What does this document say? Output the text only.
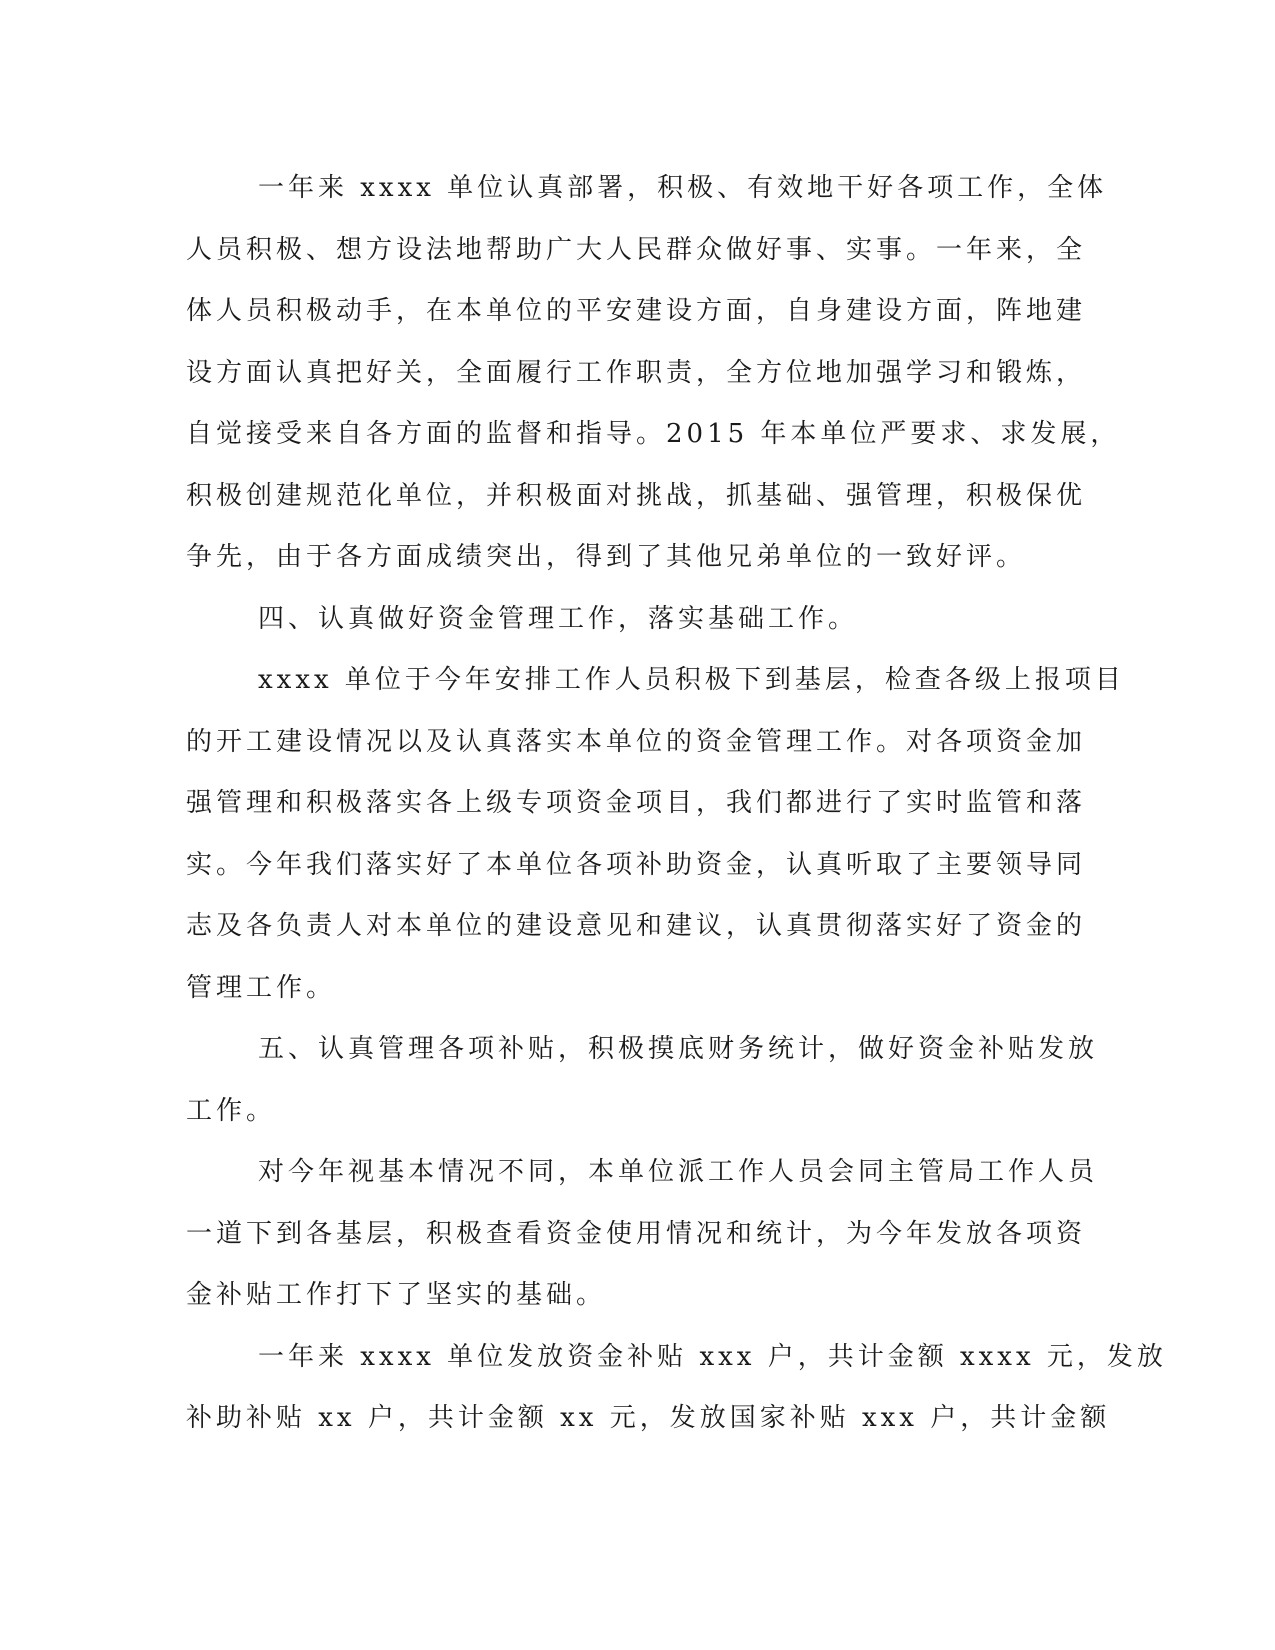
一年来 xxxx 单位认真部署，积极、有效地干好各项工作，全体
人员积极、想方设法地帮助广大人民群众做好事、实事。一年来，全
体人员积极动手，在本单位的平安建设方面，自身建设方面，阵地建
设方面认真把好关，全面履行工作职责，全方位地加强学习和锻炼，
自觉接受来自各方面的监督和指导。2015 年本单位严要求、求发展，
积极创建规范化单位，并积极面对挑战，抓基础、强管理，积极保优
争先，由于各方面成绩突出，得到了其他兄弟单位的一致好评。

四、认真做好资金管理工作，落实基础工作。

xxxx 单位于今年安排工作人员积极下到基层，检查各级上报项目
的开工建设情况以及认真落实本单位的资金管理工作。对各项资金加
强管理和积极落实各上级专项资金项目，我们都进行了实时监管和落
实。今年我们落实好了本单位各项补助资金，认真听取了主要领导同
志及各负责人对本单位的建设意见和建议，认真贯彻落实好了资金的
管理工作。

五、认真管理各项补贴，积极摸底财务统计，做好资金补贴发放
工作。

对今年视基本情况不同，本单位派工作人员会同主管局工作人员
一道下到各基层，积极查看资金使用情况和统计，为今年发放各项资
金补贴工作打下了坚实的基础。

一年来 xxxx 单位发放资金补贴 xxx 户，共计金额 xxxx 元，发放
补助补贴 xx 户，共计金额 xx 元，发放国家补贴 xxx 户，共计金额
